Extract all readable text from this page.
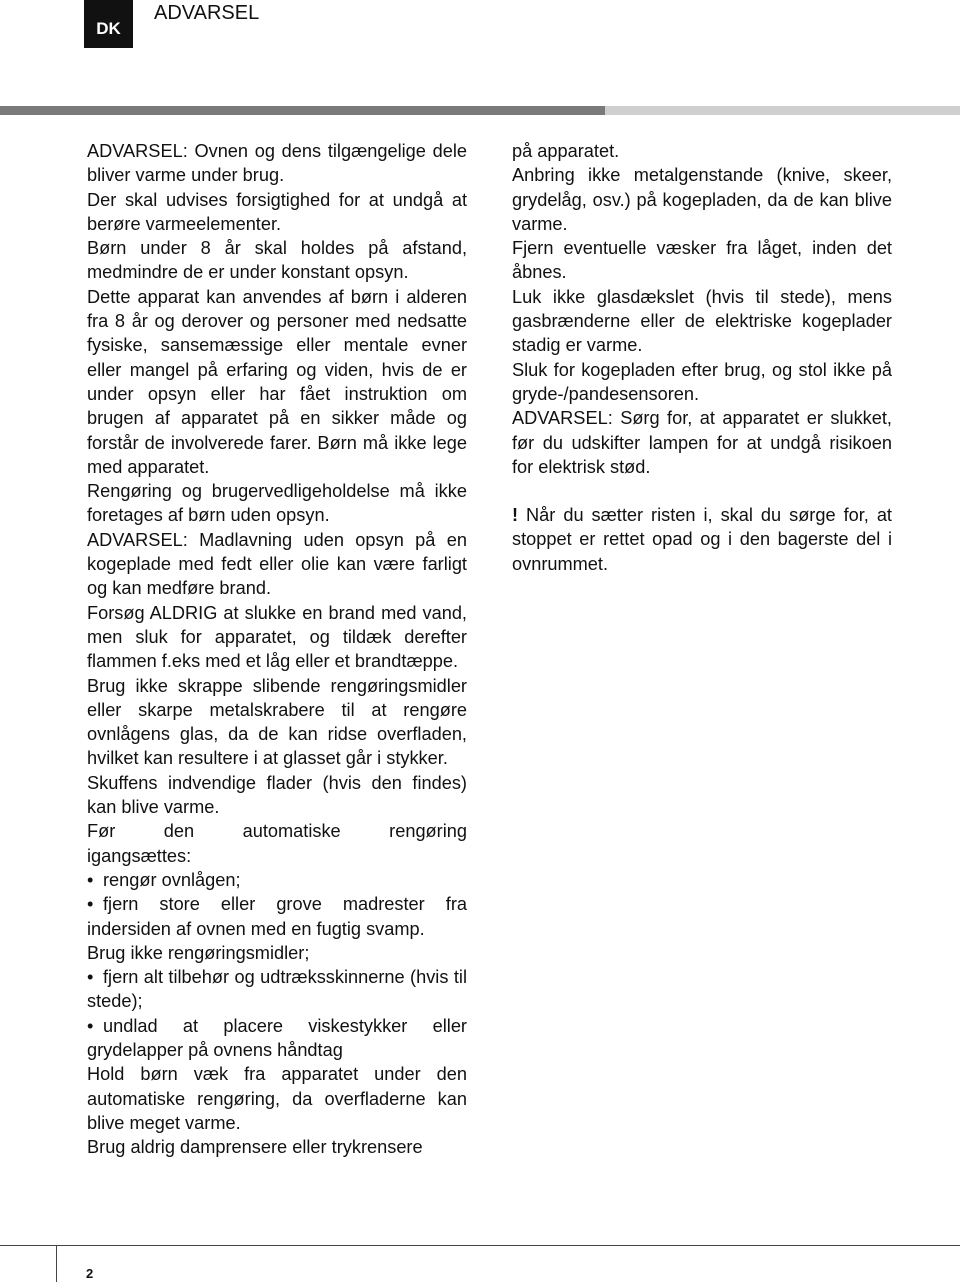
DK
ADVARSEL

ADVARSEL: Ovnen og dens tilgængelige dele bliver varme under brug.

Der skal udvises forsigtighed for at undgå at berøre varmeelementer.

Børn under 8 år skal holdes på afstand, medmindre de er under konstant opsyn.

Dette apparat kan anvendes af børn i alderen fra 8 år og derover og personer med nedsatte fysiske, sansemæssige eller mentale evner eller mangel på erfaring og viden, hvis de er under opsyn eller har fået instruktion om brugen af apparatet på en sikker måde og forstår de involverede farer. Børn må ikke lege med apparatet.

Rengøring og brugervedligeholdelse må ikke foretages af børn uden opsyn.

ADVARSEL: Madlavning uden opsyn på en kogeplade med fedt eller olie kan være farligt og kan medføre brand.

Forsøg ALDRIG at slukke en brand med vand, men sluk for apparatet, og tildæk derefter flammen f.eks med et låg eller et brandtæppe.

Brug ikke skrappe slibende rengøringsmidler eller skarpe metalskrabere til at rengøre ovnlågens glas, da de kan ridse overfladen, hvilket kan resultere i at glasset går i stykker.

Skuffens indvendige flader (hvis den findes) kan blive varme.

Før den automatiske rengøring

igangsættes:

• rengør ovnlågen;

• fjern store eller grove madrester fra indersiden af ovnen med en fugtig svamp.

Brug ikke rengøringsmidler;

• fjern alt tilbehør og udtræksskinnerne (hvis til stede);

• undlad at placere viskestykker eller grydelapper på ovnens håndtag

Hold børn væk fra apparatet under den automatiske rengøring, da overfladerne kan blive meget varme.

Brug aldrig damprensere eller trykrensere

på apparatet.

Anbring ikke metalgenstande (knive, skeer, grydelåg, osv.) på kogepladen, da de kan blive varme.

Fjern eventuelle væsker fra låget, inden det åbnes.

Luk ikke glasdækslet (hvis til stede), mens gasbrænderne eller de elektriske kogeplader stadig er varme.

Sluk for kogepladen efter brug, og stol ikke på gryde-/pandesensoren.

ADVARSEL: Sørg for, at apparatet er slukket, før du udskifter lampen for at undgå risikoen for elektrisk stød.

! Når du sætter risten i, skal du sørge for, at stoppet er rettet opad og i den bagerste del i ovnrummet.

2
